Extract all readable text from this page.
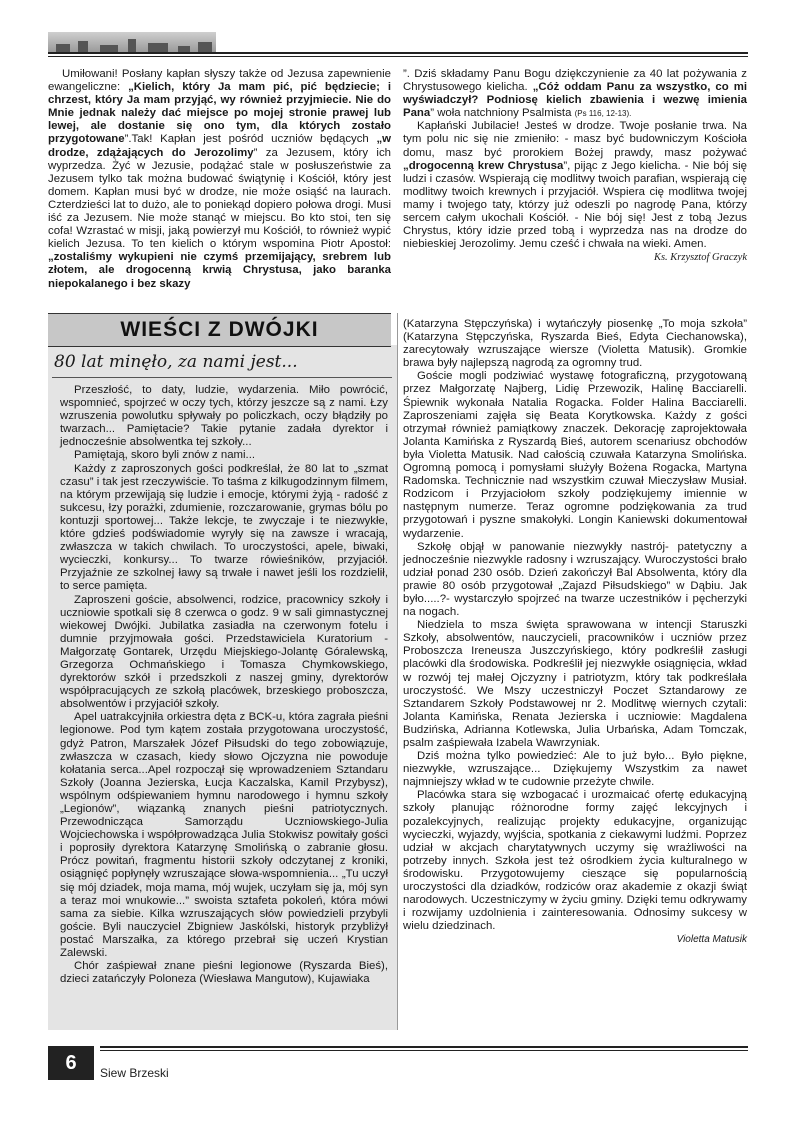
Umiłowani! Posłany kapłan słyszy także od Jezusa zapewnienie ewangeliczne: „Kielich, który Ja mam pić, pić będziecie; i chrzest, który Ja mam przyjąć, wy również przyjmiecie. Nie do Mnie jednak należy dać miejsce po mojej stronie prawej lub lewej, ale dostanie się ono tym, dla których zostało przygotowane”.Tak! Kapłan jest pośród uczniów będących „w drodze, zdążających do Jerozolimy” za Jezusem, który ich wyprzedza. Żyć w Jezusie, podążać stale w posłuszeństwie za Jezusem tylko tak można budować świątynię i Kościół, który jest domem. Kapłan musi być w drodze, nie może osiąść na laurach. Czterdzieści lat to dużo, ale to poniekąd dopiero połowa drogi. Musi iść za Jezusem. Nie może stanąć w miejscu. Bo kto stoi, ten się cofa! Wzrastać w misji, jaką powierzył mu Kościół, to również wypić kielich Jezusa. To ten kielich o którym wspomina Piotr Apostoł: „zostaliśmy wykupieni nie czymś przemijający, srebrem lub złotem, ale drogocenną krwią Chrystusa, jako baranka niepokalanego i bez skazy

”. Dziś składamy Panu Bogu dziękczynienie za 40 lat pożywania z Chrystusowego kielicha. „Cóż oddam Panu za wszystko, co mi wyświadczył? Podniosę kielich zbawienia i wezwę imienia Pana” woła natchniony Psalmista (Ps 116, 12-13).

Kapłański Jubilacie! Jesteś w drodze. Twoje posłanie trwa. Na tym polu nic się nie zmieniło: - masz być budowniczym Kościoła domu, masz być prorokiem Bożej prawdy, masz pożywać „drogocenną krew Chrystusa”, pijąc z Jego kielicha. - Nie bój się ludzi i czasów. Wspierają cię modlitwy twoich parafian, wspierają cię modlitwy twoich krewnych i przyjaciół. Wspiera cię modlitwa twojej mamy i twojego taty, którzy już odeszli po nagrodę Pana, którzy sercem całym ukochali Kościół. - Nie bój się! Jest z tobą Jezus Chrystus, który idzie przed tobą i wyprzedza nas na drodze do niebieskiej Jerozolimy. Jemu cześć i chwała na wieki. Amen.

Ks. Krzysztof Graczyk

WIEŚCI Z DWÓJKI
80 lat minęło, za nami jest...

Przeszłość, to daty, ludzie, wydarzenia. Miło powrócić, wspomnieć, spojrzeć w oczy tych, którzy jeszcze są z nami. Łzy wzruszenia powolutku spływały po policzkach, oczy błądziły po twarzach... Pamiętacie? Takie pytanie zadała dyrektor i jednocześnie absolwentka tej szkoły...

Pamiętają, skoro byli znów z nami...

Każdy z zaproszonych gości podkreślał, że 80 lat to „szmat czasu” i tak jest rzeczywiście. To taśma z kilkugodzinnym filmem, na którym przewijają się ludzie i emocje, którymi żyją - radość z sukcesu, łzy porażki, zdumienie, rozczarowanie, grymas bólu po kontuzji sportowej... Także lekcje, te zwyczaje i te niezwykłe, które gdzieś podświadomie wyryły się na zawsze i wracają, zwłaszcza w takich chwilach. To uroczystości, apele, biwaki, wycieczki, konkursy... To twarze rówieśników, przyjaciół. Przyjaźnie ze szkolnej ławy są trwałe i nawet jeśli los rozdzielił, to serce pamięta.

Zaproszeni goście, absolwenci, rodzice, pracownicy szkoły i uczniowie spotkali się 8 czerwca o godz. 9 w sali gimnastycznej wiekowej Dwójki. Jubilatka zasiadła na czerwonym fotelu i dumnie przyjmowała gości. Przedstawiciela Kuratorium - Małgorzatę Gontarek, Urzędu Miejskiego-Jolantę Góralewską, Grzegorza Ochmańskiego i Tomasza Chymkowskiego, dyrektorów szkół i przedszkoli z naszej gminy, dyrektorów współpracujących ze szkołą placówek, brzeskiego proboszcza, absolwentów i przyjaciół szkoły.

Apel uatrakcyjniła orkiestra dęta z BCK-u, która zagrała pieśni legionowe. Pod tym kątem została przygotowana uroczystość, gdyż Patron, Marszałek Józef Piłsudski do tego zobowiązuje, zwłaszcza w czasach, kiedy słowo Ojczyzna nie powoduje kołatania serca...Apel rozpoczął się wprowadzeniem Sztandaru Szkoły (Joanna Jezierska, Łucja Kaczalska, Kamil Przybysz), wspólnym odśpiewaniem hymnu narodowego i hymnu szkoły „Legionów”, wiązanką znanych pieśni patriotycznych. Przewodnicząca Samorządu Uczniowskiego-Julia Wojciechowska i współprowadząca Julia Stokwisz powitały gości i poprosiły dyrektora Katarzynę Smolińską o zabranie głosu. Prócz powitań, fragmentu historii szkoły odczytanej z kroniki, osiągnięć popłynęły wzruszające słowa-wspomnienia... „Tu uczył się mój dziadek, moja mama, mój wujek, uczyłam się ja, mój syn a teraz moi wnukowie...” swoista sztafeta pokoleń, która mówi sama za siebie. Kilka wzruszających słów powiedzieli przybyli goście. Byli nauczyciel Zbigniew Jaskólski, historyk przybliżył postać Marszałka, za którego przebrał się uczeń Krystian Zalewski.

Chór zaśpiewał znane pieśni legionowe (Ryszarda Bieś), dzieci zatańczyły Poloneza (Wiesława Mangutow), Kujawiaka

(Katarzyna Stępczyńska) i wytańczyły piosenkę „To moja szkoła” (Katarzyna Stępczyńska, Ryszarda Bieś, Edyta Ciechanowska), zarecytowały wzruszające wiersze (Violetta Matusik). Gromkie brawa były najlepszą nagrodą za ogromny trud.

Goście mogli podziwiać wystawę fotograficzną, przygotowaną przez Małgorzatę Najberg, Lidię Przewozik, Halinę Bacciarelli. Śpiewnik wykonała Natalia Rogacka. Folder Halina Bacciarelli. Zaproszeniami zajęła się Beata Korytkowska. Każdy z gości otrzymał również pamiątkowy znaczek. Dekorację zaprojektowała Jolanta Kamińska z Ryszardą Bieś, autorem scenariusz obchodów była Violetta Matusik. Nad całością czuwała Katarzyna Smolińska. Ogromną pomocą i pomysłami służyły Bożena Rogacka, Martyna Radomska. Technicznie nad wszystkim czuwał Mieczysław Musiał. Rodzicom i Przyjaciołom szkoły podziękujemy imiennie w następnym numerze. Teraz ogromne podziękowania za trud przygotowań i pyszne smakołyki. Longin Kaniewski dokumentował wydarzenie.

Szkołę objął w panowanie niezwykły nastrój- patetyczny a jednocześnie niezwykle radosny i wzruszający. Wuroczystości brało udział ponad 230 osób. Dzień zakończył Bal Absolwenta, który dla prawie 80 osób przygotował „Zajazd Piłsudskiego” w Dąbiu. Jak było.....?- wystarczyło spojrzeć na twarze uczestników i pęcherzyki na nogach.

Niedziela to msza święta sprawowana w intencji Staruszki Szkoły, absolwentów, nauczycieli, pracowników i uczniów przez Proboszcza Ireneusza Juszczyńskiego, który podkreślił zasługi placówki dla środowiska. Podkreślił jej niezwykłe osiągnięcia, wkład w rozwój tej małej Ojczyzny i patriotyzm, który tak podkreślała uroczystość. We Mszy uczestniczył Poczet Sztandarowy ze Sztandarem Szkoły Podstawowej nr 2. Modlitwę wiernych czytali: Jolanta Kamińska, Renata Jezierska i uczniowie: Magdalena Budzińska, Adrianna Kotlewska, Julia Urbańska, Adam Tomczak, psalm zaśpiewała Izabela Wawrzyniak.

Dziś można tylko powiedzieć: Ale to już było... Było piękne, niezwykłe, wzruszające... Dziękujemy Wszystkim za nawet najmniejszy wkład w te cudownie przeżyte chwile.

Placówka stara się wzbogacać i urozmaicać ofertę edukacyjną szkoły planując różnorodne formy zajęć lekcyjnych i pozalekcyjnych, realizując projekty edukacyjne, organizując wycieczki, wyjazdy, wyjścia, spotkania z ciekawymi ludźmi. Poprzez udział w akcjach charytatywnych uczymy się wrażliwości na potrzeby innych. Szkoła jest też ośrodkiem życia kulturalnego w środowisku. Przygotowujemy cieszące się popularnością uroczystości dla dziadków, rodziców oraz akademie z okazji świąt narodowych. Uczestniczymy w życiu gminy. Dzięki temu odkrywamy i rozwijamy uzdolnienia i zainteresowania. Odnosimy sukcesy w wielu dziedzinach.

Violetta Matusik

6	Siew Brzeski
